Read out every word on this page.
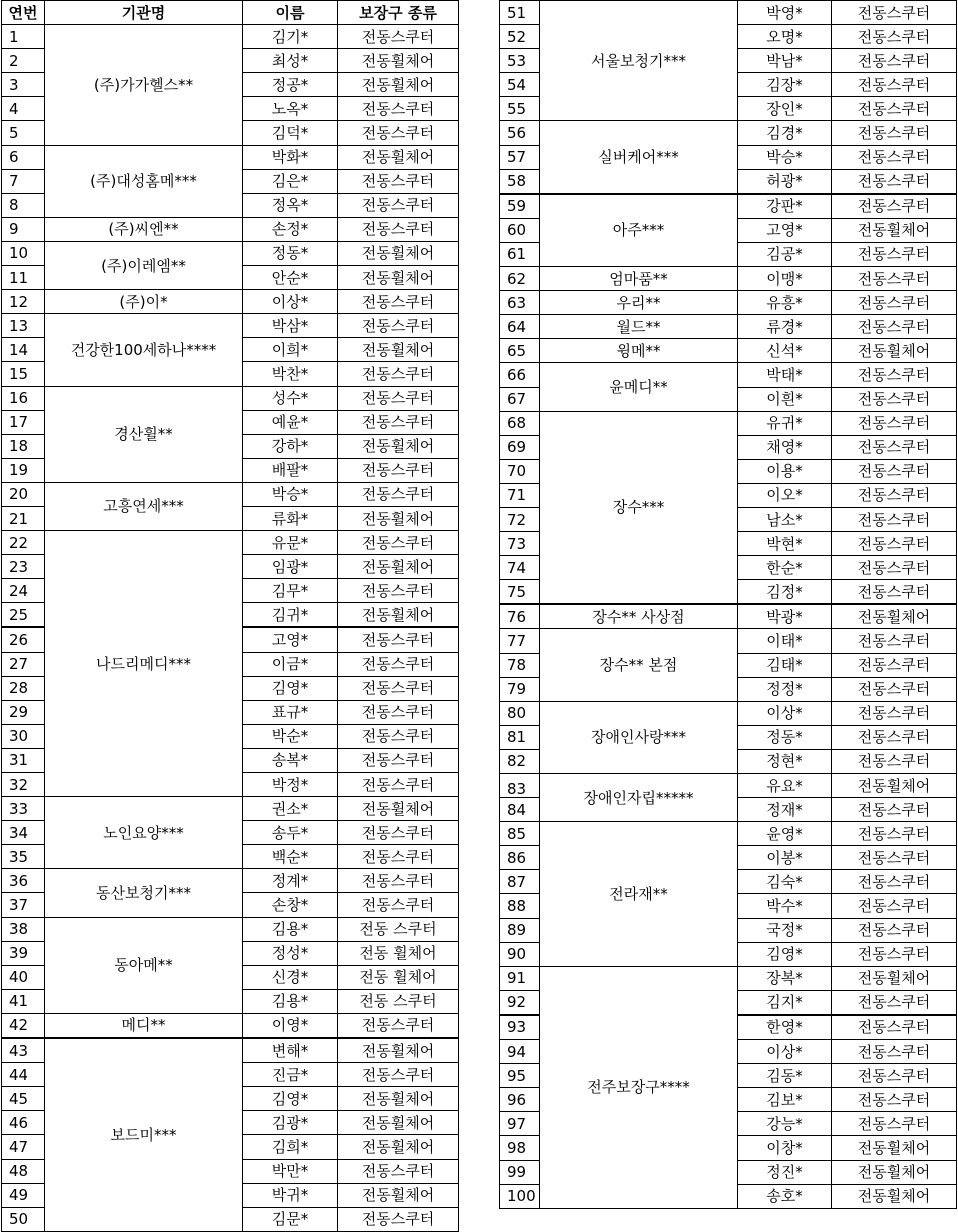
연번	기관명	이름	보장구 종류
1	(주)가가헬스**	김기*	전동스쿠터
2		최성*	전동휠체어
3		정공*	전동휠체어
4		노옥*	전동스쿠터
5		김덕*	전동스쿠터
6	(주)대성홈메***	박화*	전동휠체어
7		김은*	전동스쿠터
8		정옥*	전동스쿠터
9	(주)씨엔**	손정*	전동스쿠터
10	(주)이레엠**	정동*	전동휠체어
11		안순*	전동휠체어
12	(주)이*	이상*	전동스쿠터
13	건강한100세하나****	박삼*	전동스쿠터
14		이희*	전동휠체어
15		박찬*	전동스쿠터
16	경산휠**	성수*	전동스쿠터
17		예윤*	전동스쿠터
18		강하*	전동휠체어
19		배팔*	전동스쿠터
20	고흥연세***	박승*	전동스쿠터
21		류화*	전동휠체어
22	나드리메디***	유문*	전동스쿠터
23		임광*	전동휠체어
24		김무*	전동스쿠터
25		김귀*	전동휠체어
26		고영*	전동스쿠터
27		이금*	전동스쿠터
28		김영*	전동스쿠터
29		표규*	전동스쿠터
30		박순*	전동스쿠터
31		송복*	전동스쿠터
32		박정*	전동스쿠터
33	노인요양***	권소*	전동휠체어
34		송두*	전동스쿠터
35		백순*	전동스쿠터
36	동산보청기***	정계*	전동스쿠터
37		손창*	전동스쿠터
38	동아메**	김용*	전동 스쿠터
39		정성*	전동 휠체어
40		신경*	전동 휠체어
41		김용*	전동 스쿠터
42	메디**	이영*	전동스쿠터
43	보드미***	변해*	전동휠체어
44		진금*	전동스쿠터
45		김영*	전동휠체어
46		김광*	전동휠체어
47		김희*	전동휠체어
48		박만*	전동스쿠터
49		박귀*	전동휠체어
50		김문*	전동스쿠터
51	서울보청기***	박영*	전동스쿠터
52		오명*	전동스쿠터
53		박남*	전동스쿠터
54		김장*	전동스쿠터
55		장인*	전동스쿠터
56	실버케어***	김경*	전동스쿠터
57		박승*	전동스쿠터
58		허광*	전동스쿠터
59	아주***	강판*	전동스쿠터
60		고영*	전동휠체어
61		김공*	전동스쿠터
62	엄마품**	이맹*	전동스쿠터
63	우리**	유흥*	전동스쿠터
64	월드**	류경*	전동스쿠터
65	윙메**	신석*	전동휠체어
66	윤메디**	박태*	전동스쿠터
67		이흰*	전동스쿠터
68	장수***	유귀*	전동스쿠터
69		채영*	전동스쿠터
70		이용*	전동스쿠터
71		이오*	전동스쿠터
72		남소*	전동스쿠터
73		박현*	전동스쿠터
74		한순*	전동스쿠터
75		김정*	전동스쿠터
76	장수** 사상점	박광*	전동휠체어
77	장수** 본점	이태*	전동스쿠터
78		김태*	전동스쿠터
79		정정*	전동스쿠터
80	장애인사랑***	이상*	전동스쿠터
81		정동*	전동스쿠터
82		정현*	전동스쿠터
83	장애인자립*****	유요*	전동휠체어
84		정재*	전동스쿠터
85	전라재**	윤영*	전동스쿠터
86		이봉*	전동스쿠터
87		김숙*	전동스쿠터
88		박수*	전동스쿠터
89		국정*	전동스쿠터
90		김영*	전동스쿠터
91	전주보장구****	장복*	전동휠체어
92		김지*	전동스쿠터
93		한영*	전동스쿠터
94		이상*	전동스쿠터
95		김동*	전동스쿠터
96		김보*	전동스쿠터
97		강능*	전동스쿠터
98		이창*	전동휠체어
99		정진*	전동휠체어
100		송호*	전동휠체어
